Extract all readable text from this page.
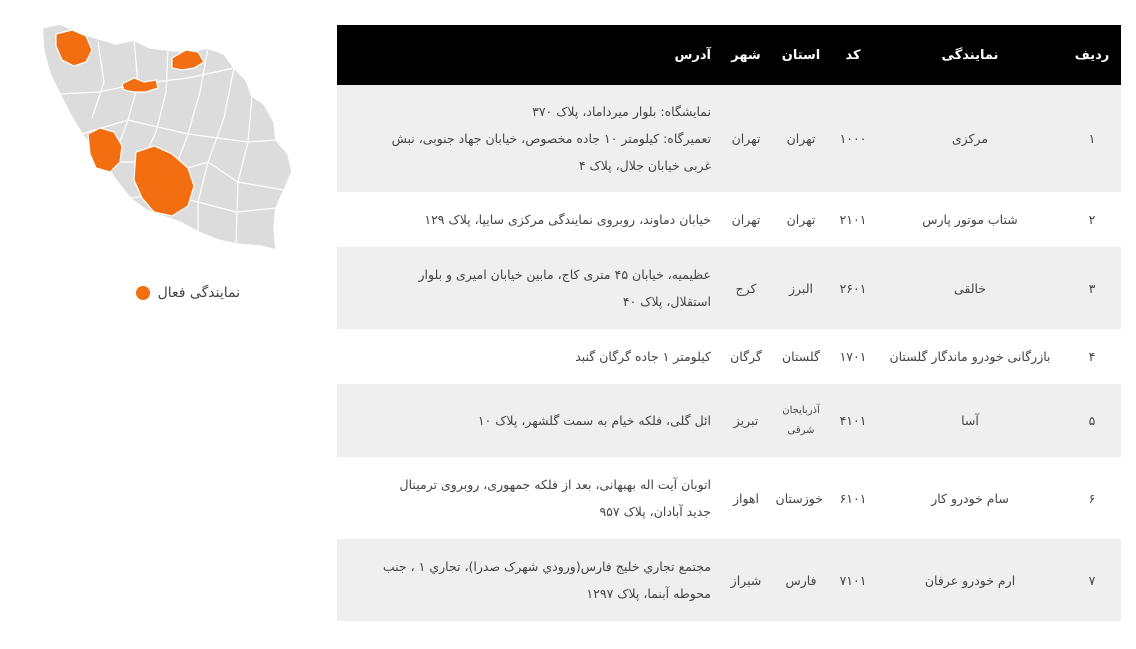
نمایندگی فعال
ردیف	نمایندگی	کد	استان	شهر	آدرس
۱	مرکزی	۱۰۰۰	تهران	تهران	نمایشگاه: بلوار میرداماد، پلاک ۳۷۰
تعمیرگاه: کیلومتر ۱۰ جاده مخصوص، خیابان جهاد جنوبی، نبش
غربی خیابان جلال، پلاک ۴

۲	شتاب موتور پارس	۲۱۰۱	تهران	تهران	خیابان دماوند، روبروی نمایندگی مرکزی سایپا، پلاک ۱۲۹

۳	خالقی	۲۶۰۱	البرز	کرج	عظیمیه، خیابان ۴۵ متری کاج، مابین خیابان امیری و بلوار
استقلال، پلاک ۴۰

۴	بازرگانی خودرو ماندگار گلستان	۱۷۰۱	گلستان	گرگان	کیلومتر ۱ جاده گرگان گنبد

۵	آسا	۴۱۰۱	آذربایجان شرقی	تبریز	ائل گلی، فلکه خیام به سمت گلشهر، پلاک ۱۰

۶	سام خودرو کار	۶۱۰۱	خوزستان	اهواز	اتوبان آیت اله بهبهانی، بعد از فلکه جمهوری، روبروی ترمینال
جدید آبادان، پلاک ۹۵۷

۷	ارم خودرو عرفان	۷۱۰۱	فارس	شیراز	مجتمع تجاري خليج فارس(ورودي شهرک صدرا)، تجاري ۱ ، جنب
محوطه آبنما، پلاک ۱۲۹۷
